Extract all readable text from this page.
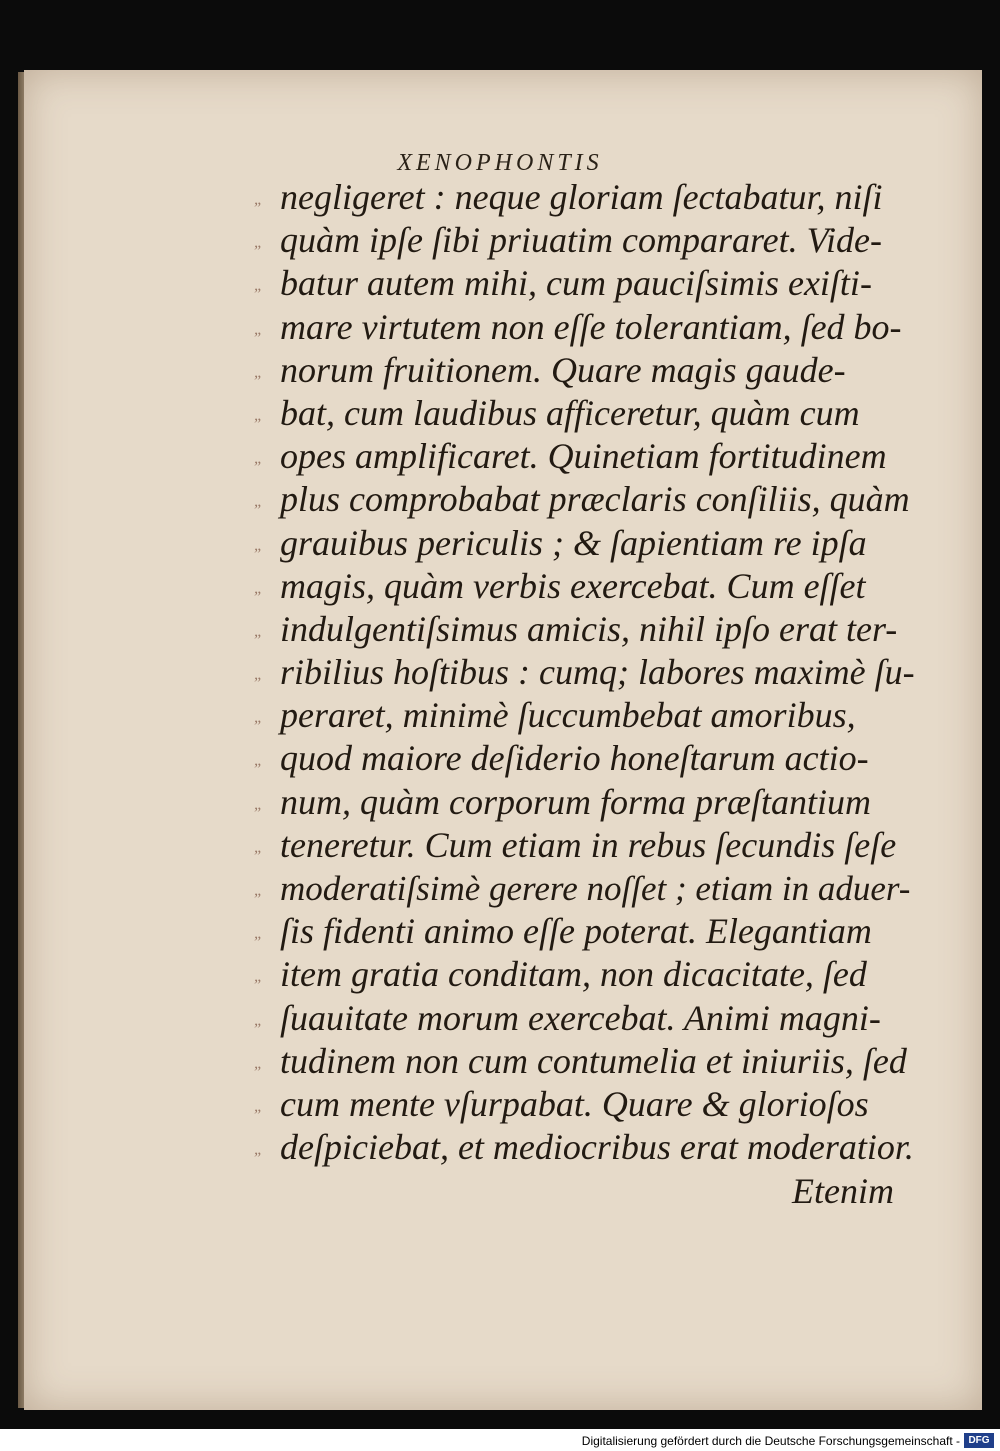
XENOPHONTIS
„ negligeret : neque gloriam ſectabatur, niſi
„ quàm ipſe ſibi priuatim compararet. Vide-
„ batur autem mihi, cum pauciſsimis exiſti-
„ mare virtutem non eſſe tolerantiam, ſed bo-
„ norum fruitionem. Quare magis gaude-
„ bat, cum laudibus afficeretur, quàm cum
„ opes amplificaret. Quinetiam fortitudinem
„ plus comprobabat præclaris conſiliis, quàm
„ grauibus periculis ; & ſapientiam re ipſa
„ magis, quàm verbis exercebat. Cum eſſet
„ indulgentiſsimus amicis, nihil ipſo erat ter-
„ ribilius hoſtibus : cumq; labores maximè ſu-
„ peraret, minimè ſuccumbebat amoribus,
„ quod maiore deſiderio honeſtarum actio-
„ num, quàm corporum forma præſtantium
„ teneretur. Cum etiam in rebus ſecundis ſeſe
„ moderatiſsimè gerere noſſet ; etiam in aduer-
„ ſis fidenti animo eſſe poterat. Elegantiam
„ item gratia conditam, non dicacitate, ſed
„ ſuauitate morum exercebat. Animi magni-
„ tudinem non cum contumelia et iniuriis, ſed
„ cum mente vſurpabat. Quare & glorioſos
„ deſpiciebat, et mediocribus erat moderatior.
Etenim
Digitalisierung gefördert durch die Deutsche Forschungsgemeinschaft - DFG
